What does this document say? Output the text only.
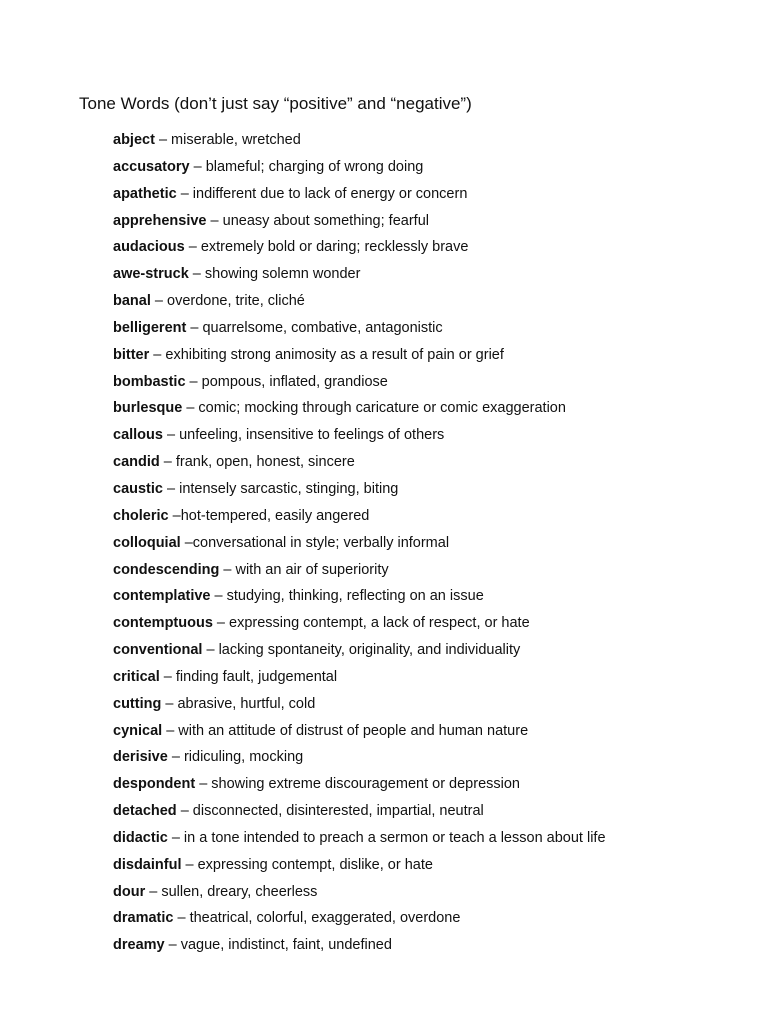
Tone Words (don’t just say “positive” and “negative”)
abject – miserable, wretched
accusatory – blameful; charging of wrong doing
apathetic – indifferent due to lack of energy or concern
apprehensive – uneasy about something; fearful
audacious – extremely bold or daring; recklessly brave
awe-struck – showing solemn wonder
banal – overdone, trite, cliché
belligerent – quarrelsome, combative, antagonistic
bitter – exhibiting strong animosity as a result of pain or grief
bombastic – pompous, inflated, grandiose
burlesque – comic; mocking through caricature or comic exaggeration
callous – unfeeling, insensitive to feelings of others
candid – frank, open, honest, sincere
caustic – intensely sarcastic, stinging, biting
choleric –hot-tempered, easily angered
colloquial –conversational in style; verbally informal
condescending – with an air of superiority
contemplative – studying, thinking, reflecting on an issue
contemptuous – expressing contempt, a lack of respect, or hate
conventional – lacking spontaneity, originality, and individuality
critical – finding fault, judgemental
cutting – abrasive, hurtful, cold
cynical – with an attitude of distrust of people and human nature
derisive – ridiculing, mocking
despondent – showing extreme discouragement or depression
detached – disconnected, disinterested, impartial, neutral
didactic – in a tone intended to preach a sermon or teach a lesson about life
disdainful – expressing contempt, dislike, or hate
dour – sullen, dreary, cheerless
dramatic – theatrical, colorful, exaggerated, overdone
dreamy – vague, indistinct, faint, undefined
